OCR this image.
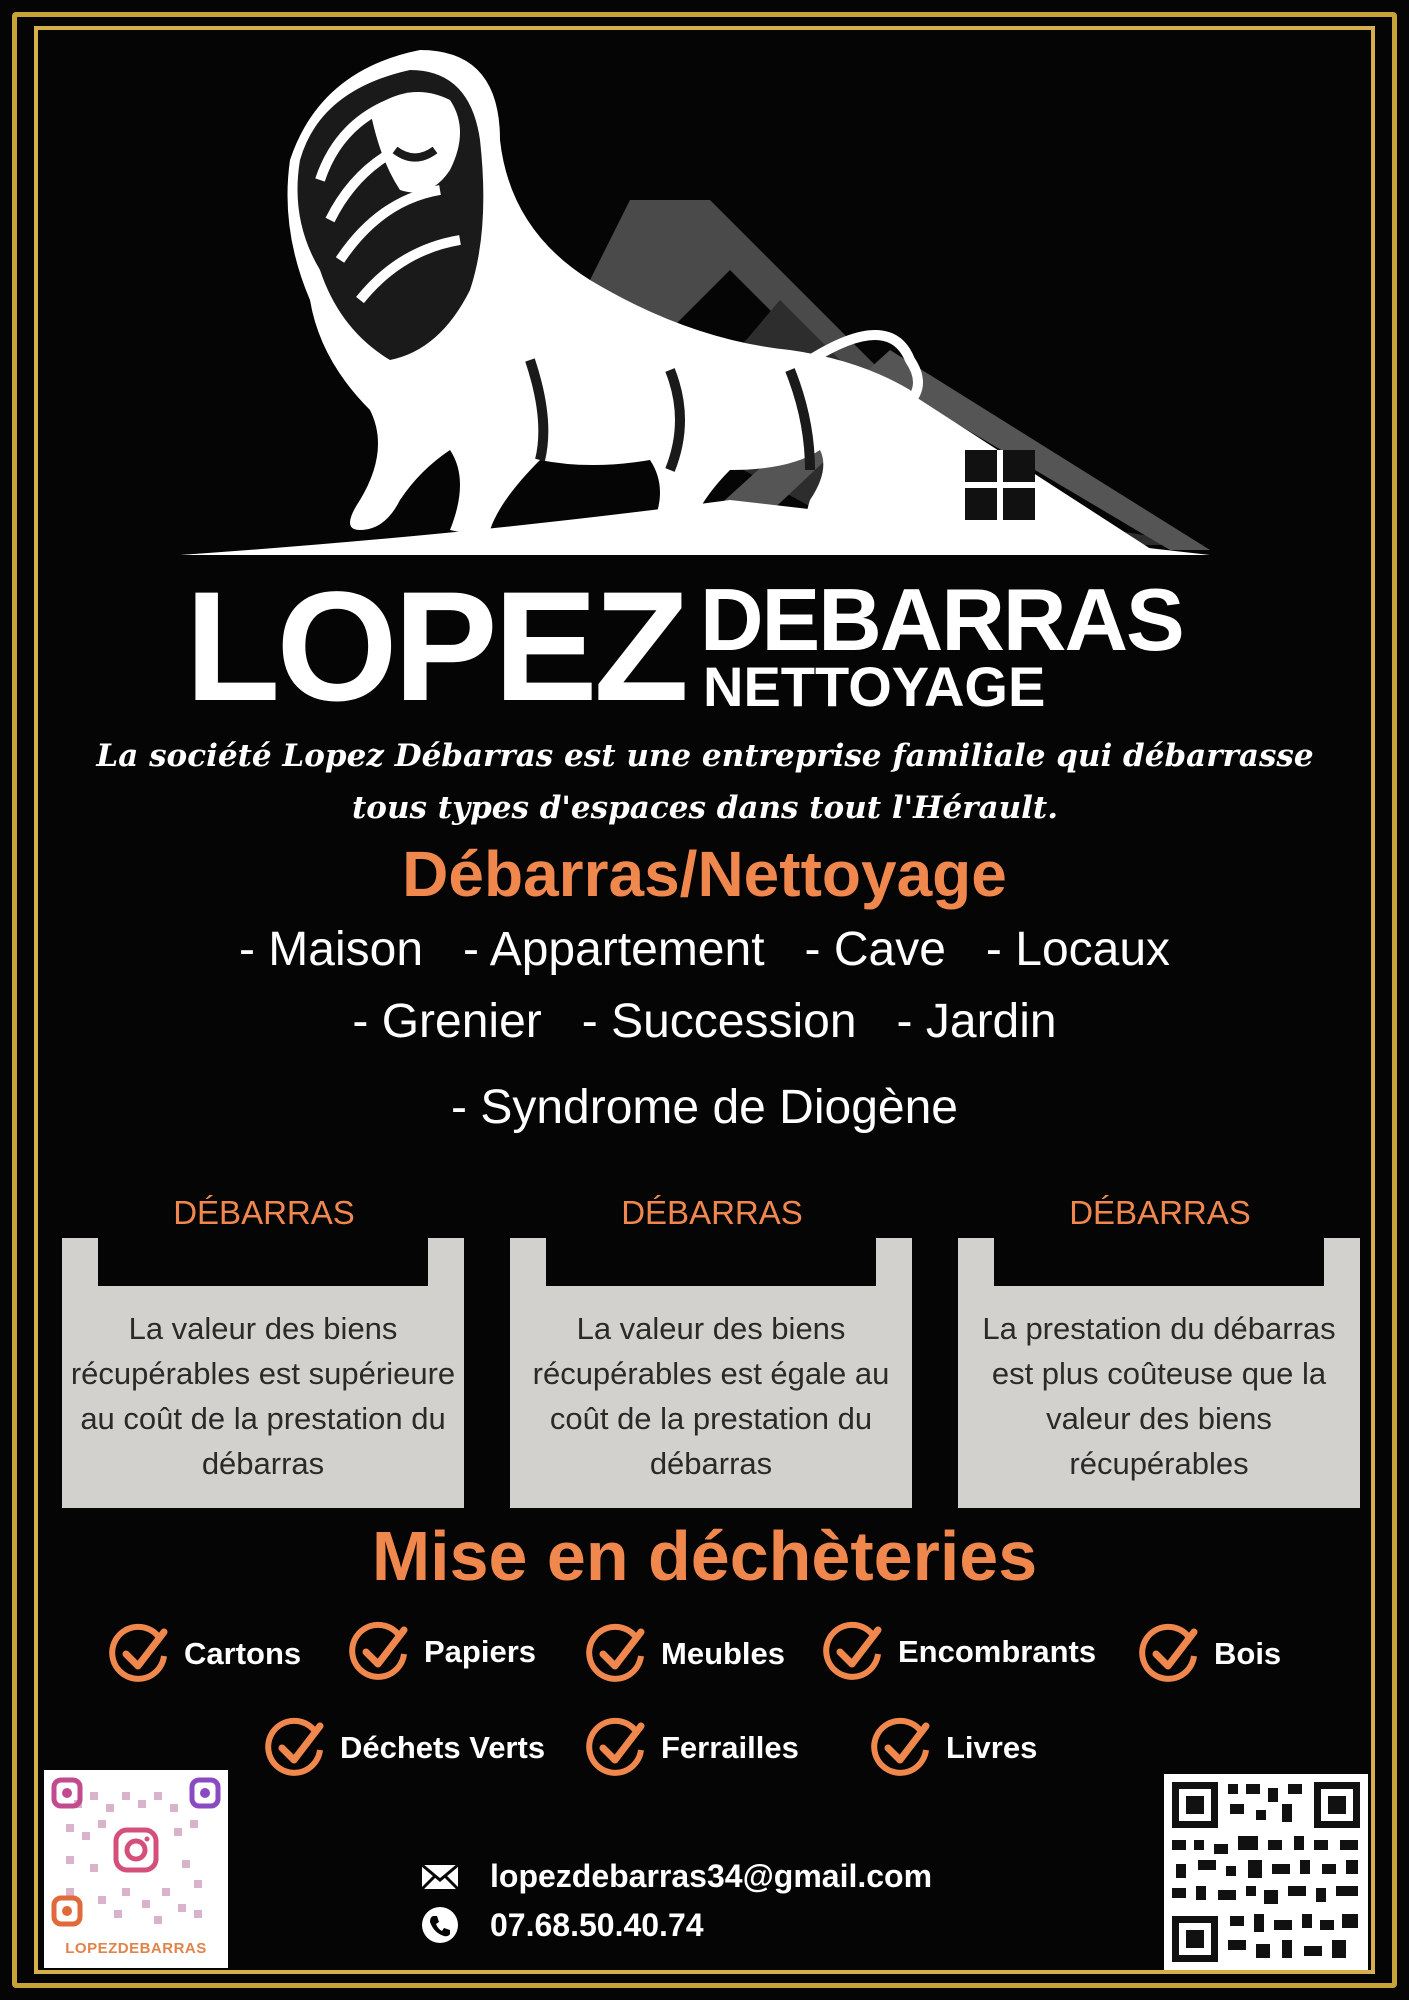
LOPEZ DEBARRAS
NETTOYAGE
La société Lopez Débarras est une entreprise familiale qui débarrasse tous types d'espaces dans tout l'Hérault.
Débarras/Nettoyage
- Maison   - Appartement   - Cave   - Locaux
- Grenier   - Succession   - Jardin
- Syndrome de Diogène
DÉBARRAS
La valeur des biens récupérables est supérieure au coût de la prestation du débarras
DÉBARRAS
La valeur des biens récupérables est égale au coût de la prestation du débarras
DÉBARRAS
La prestation du débarras est plus coûteuse que la valeur des biens récupérables
Mise en déchèteries
Cartons	Papiers	Meubles	Encombrants	Bois
Déchets Verts	Ferrailles	Livres
LOPEZDEBARRAS
lopezdebarras34@gmail.com
07.68.50.40.74
